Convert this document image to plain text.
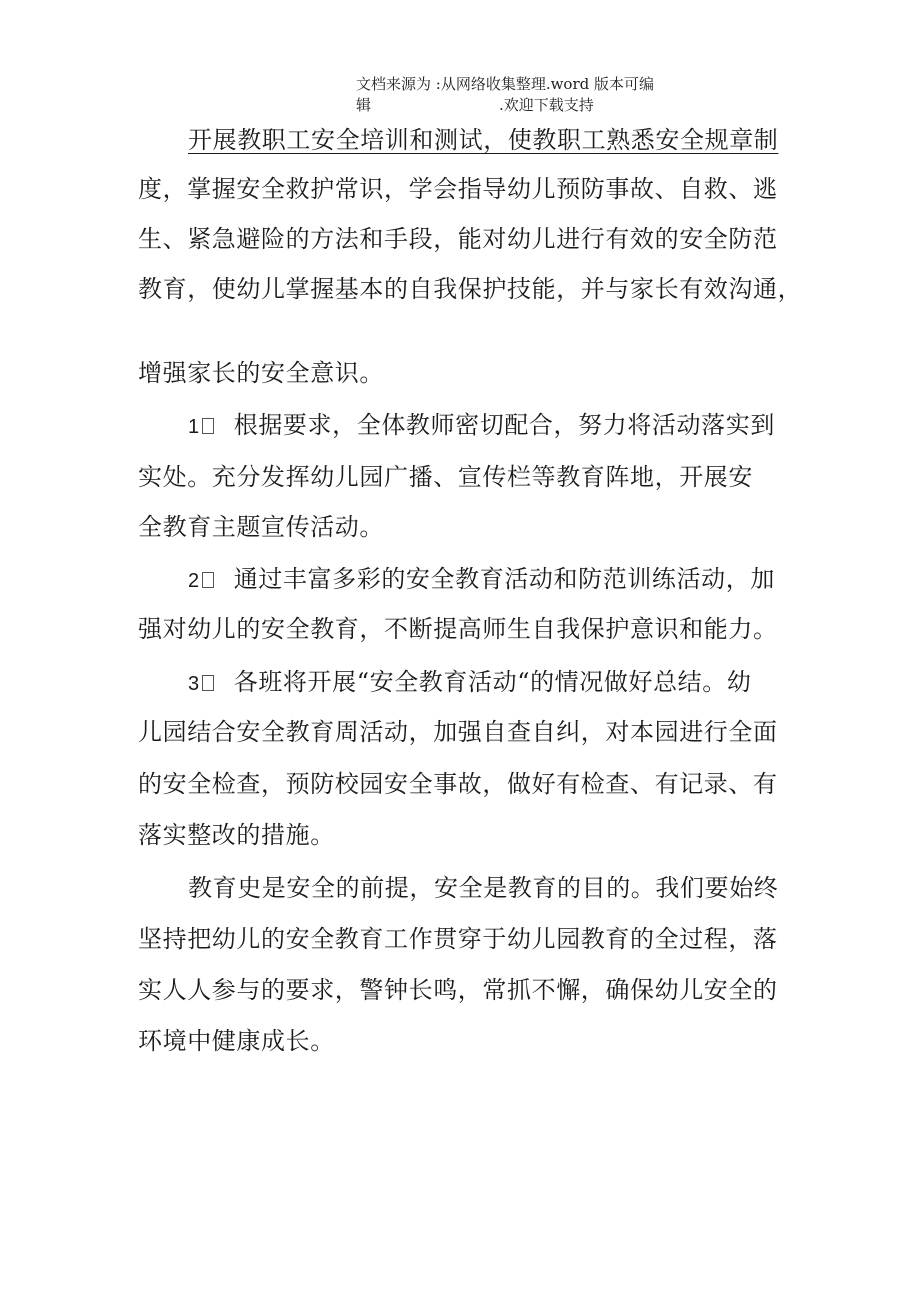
文档来源为 :从网络收集整理.word 版本可编
辑	.欢迎下载支持
开展教职工安全培训和测试，使教职工熟悉安全规章制
度，掌握安全救护常识，学会指导幼儿预防事故、自救、逃
生、紧急避险的方法和手段，能对幼儿进行有效的安全防范
教育，使幼儿掌握基本的自我保护技能，并与家长有效沟通，
增强家长的安全意识。
1 根据要求，全体教师密切配合，努力将活动落实到
实处。充分发挥幼儿园广播、宣传栏等教育阵地，开展安
全教育主题宣传活动。
2 通过丰富多彩的安全教育活动和防范训练活动，加
强对幼儿的安全教育，不断提高师生自我保护意识和能力。
3 各班将开展“安全教育活动“的情况做好总结。幼
儿园结合安全教育周活动，加强自查自纠，对本园进行全面
的安全检查，预防校园安全事故，做好有检查、有记录、有
落实整改的措施。
教育史是安全的前提，安全是教育的目的。我们要始终
坚持把幼儿的安全教育工作贯穿于幼儿园教育的全过程，落
实人人参与的要求，警钟长鸣，常抓不懈，确保幼儿安全的
环境中健康成长。
